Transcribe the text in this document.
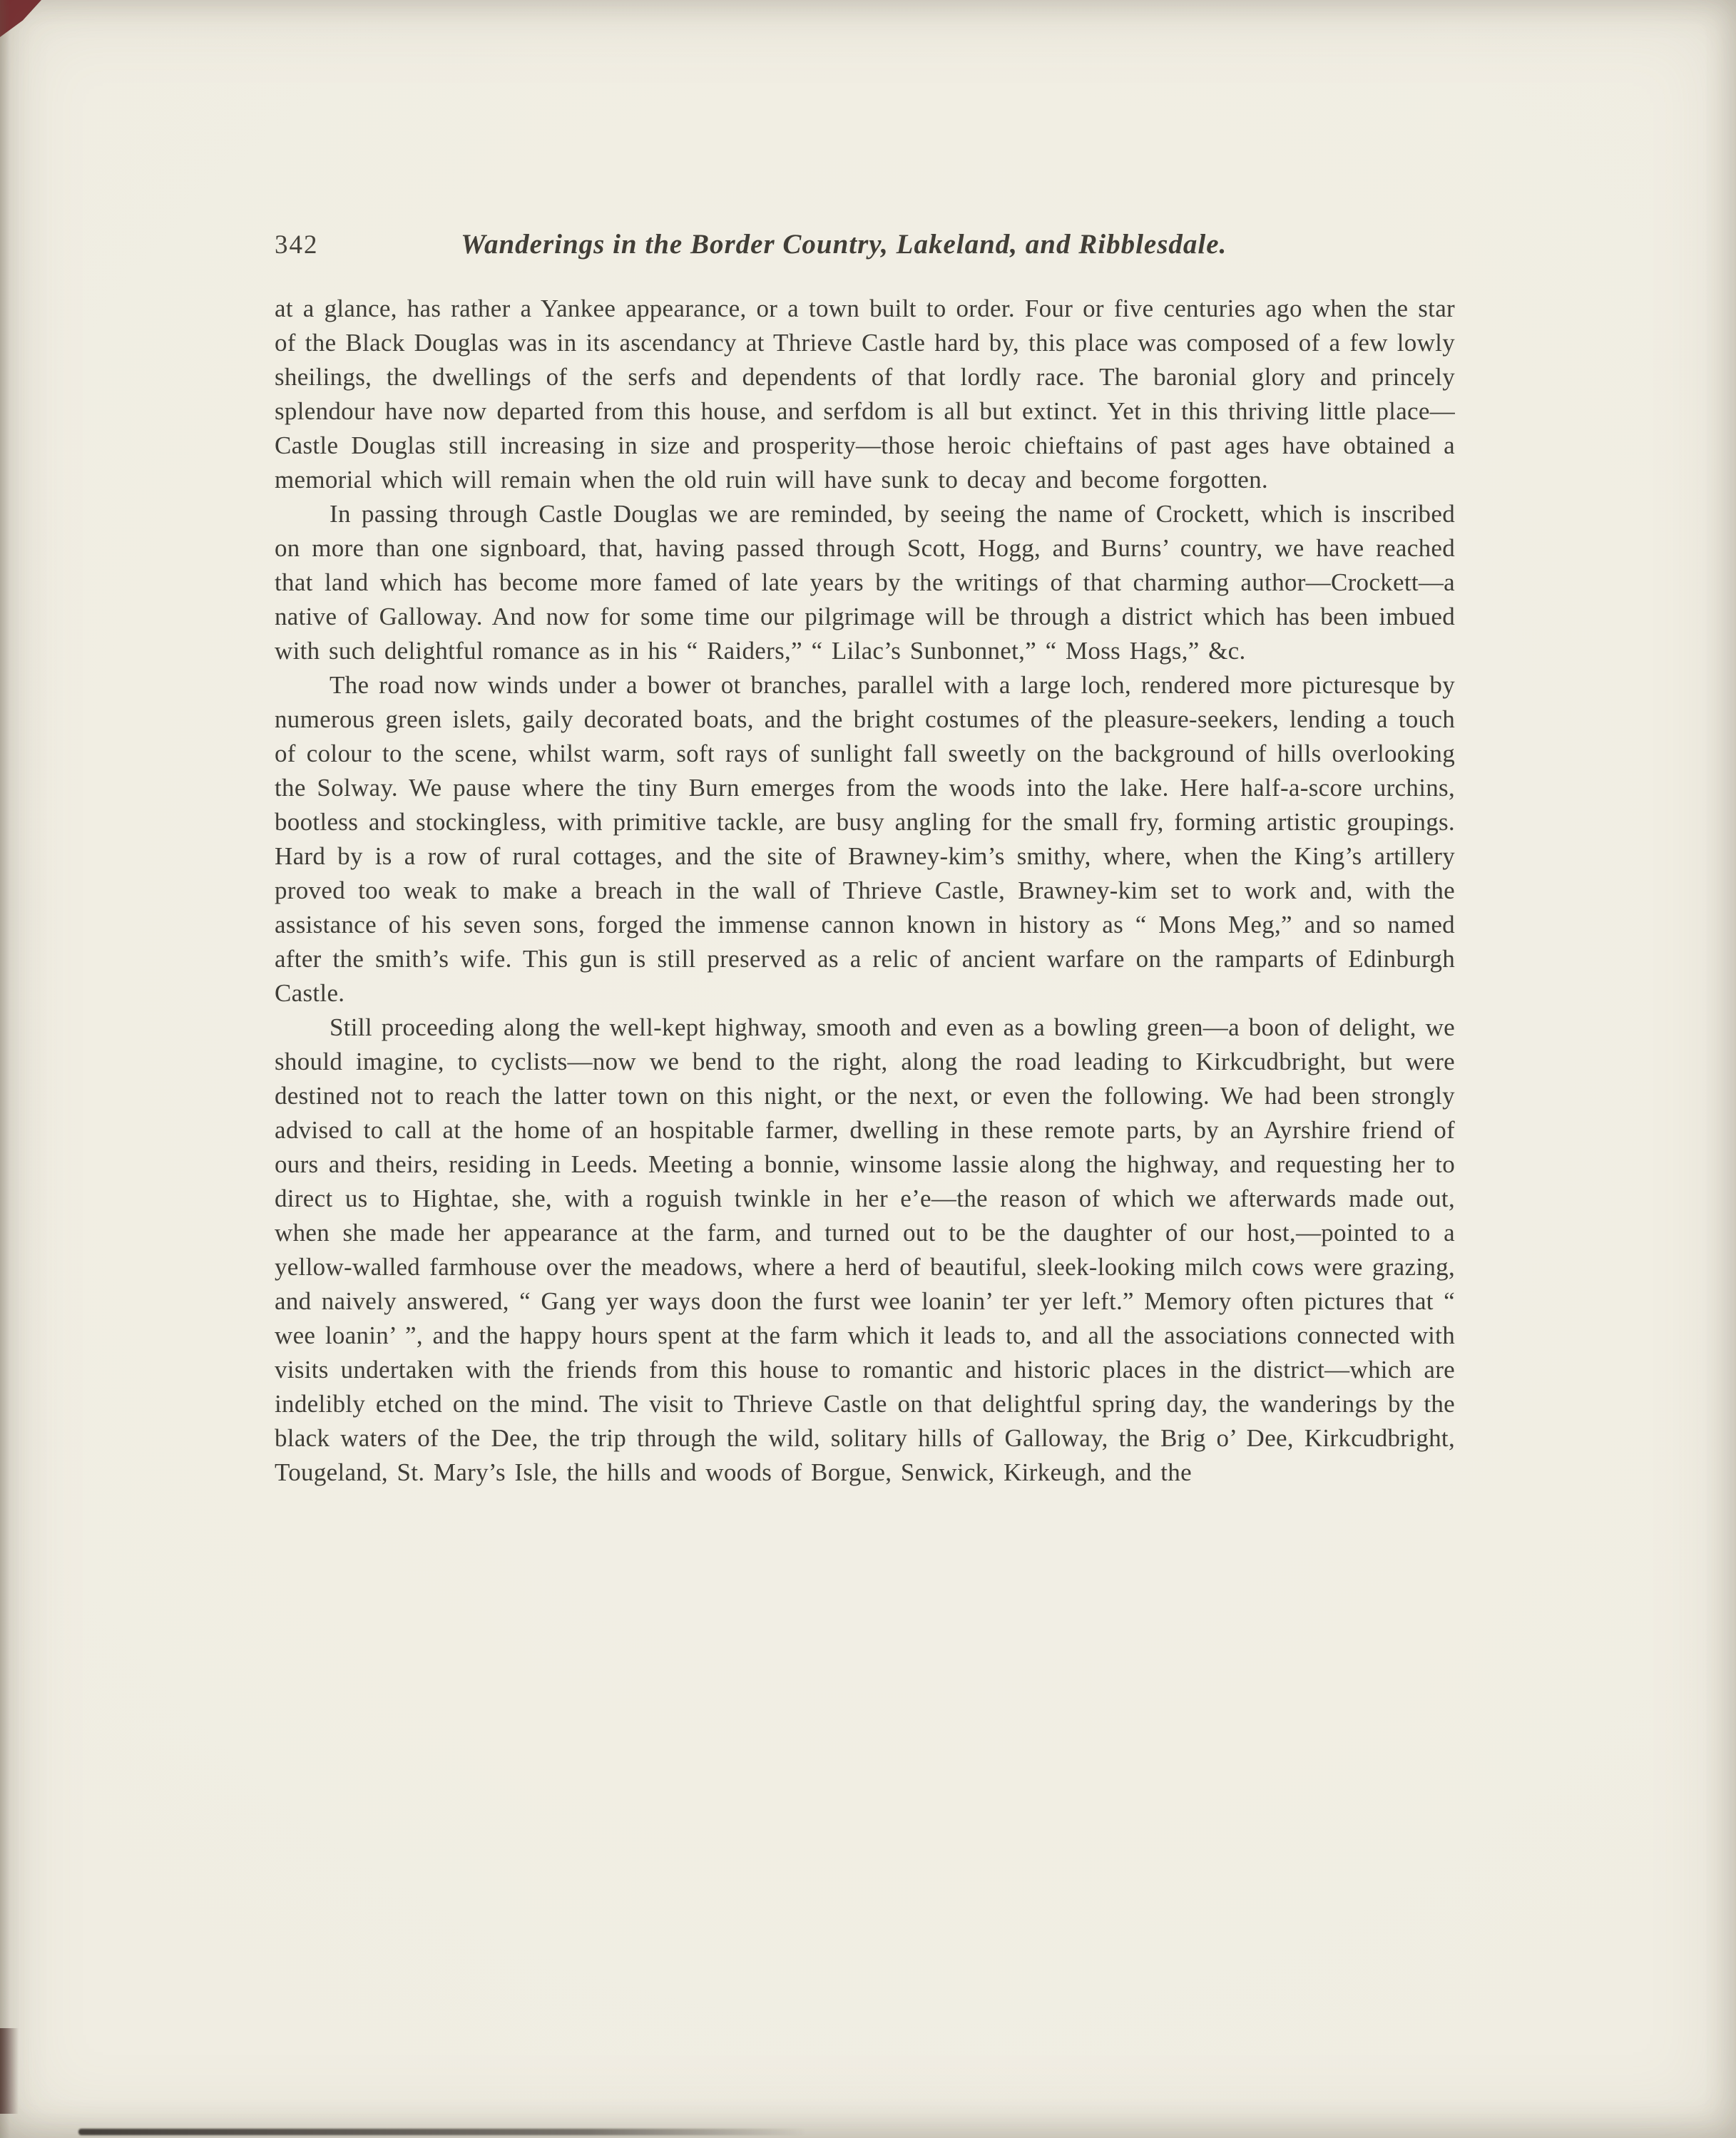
342	Wanderings in the Border Country, Lakeland, and Ribblesdale.

at a glance, has rather a Yankee appearance, or a town built to order. Four or five centuries ago when the star of the Black Douglas was in its ascendancy at Thrieve Castle hard by, this place was composed of a few lowly sheilings, the dwellings of the serfs and dependents of that lordly race. The baronial glory and princely splendour have now departed from this house, and serfdom is all but extinct. Yet in this thriving little place—Castle Douglas still increasing in size and prosperity—those heroic chieftains of past ages have obtained a memorial which will remain when the old ruin will have sunk to decay and become forgotten.

In passing through Castle Douglas we are reminded, by seeing the name of Crockett, which is inscribed on more than one signboard, that, having passed through Scott, Hogg, and Burns’ country, we have reached that land which has become more famed of late years by the writings of that charming author—Crockett—a native of Galloway. And now for some time our pilgrimage will be through a district which has been imbued with such delightful romance as in his “ Raiders,” “ Lilac’s Sunbonnet,” “ Moss Hags,” &c.

The road now winds under a bower ot branches, parallel with a large loch, rendered more picturesque by numerous green islets, gaily decorated boats, and the bright costumes of the pleasure-seekers, lending a touch of colour to the scene, whilst warm, soft rays of sunlight fall sweetly on the background of hills overlooking the Solway. We pause where the tiny Burn emerges from the woods into the lake. Here half-a-score urchins, bootless and stockingless, with primitive tackle, are busy angling for the small fry, forming artistic groupings. Hard by is a row of rural cottages, and the site of Brawney-kim’s smithy, where, when the King’s artillery proved too weak to make a breach in the wall of Thrieve Castle, Brawney-kim set to work and, with the assistance of his seven sons, forged the immense cannon known in history as “ Mons Meg,” and so named after the smith’s wife. This gun is still preserved as a relic of ancient warfare on the ramparts of Edinburgh Castle.

Still proceeding along the well-kept highway, smooth and even as a bowling green—a boon of delight, we should imagine, to cyclists—now we bend to the right, along the road leading to Kirkcudbright, but were destined not to reach the latter town on this night, or the next, or even the following. We had been strongly advised to call at the home of an hospitable farmer, dwelling in these remote parts, by an Ayrshire friend of ours and theirs, residing in Leeds. Meeting a bonnie, winsome lassie along the highway, and requesting her to direct us to Hightae, she, with a roguish twinkle in her e’e—the reason of which we afterwards made out, when she made her appearance at the farm, and turned out to be the daughter of our host,—pointed to a yellow-walled farmhouse over the meadows, where a herd of beautiful, sleek-looking milch cows were grazing, and naively answered, “ Gang yer ways doon the furst wee loanin’ ter yer left.” Memory often pictures that “ wee loanin’ ”, and the happy hours spent at the farm which it leads to, and all the associations connected with visits undertaken with the friends from this house to romantic and historic places in the district—which are indelibly etched on the mind. The visit to Thrieve Castle on that delightful spring day, the wanderings by the black waters of the Dee, the trip through the wild, solitary hills of Galloway, the Brig o’ Dee, Kirkcudbright, Tougeland, St. Mary’s Isle, the hills and woods of Borgue, Senwick, Kirkeugh, and the
